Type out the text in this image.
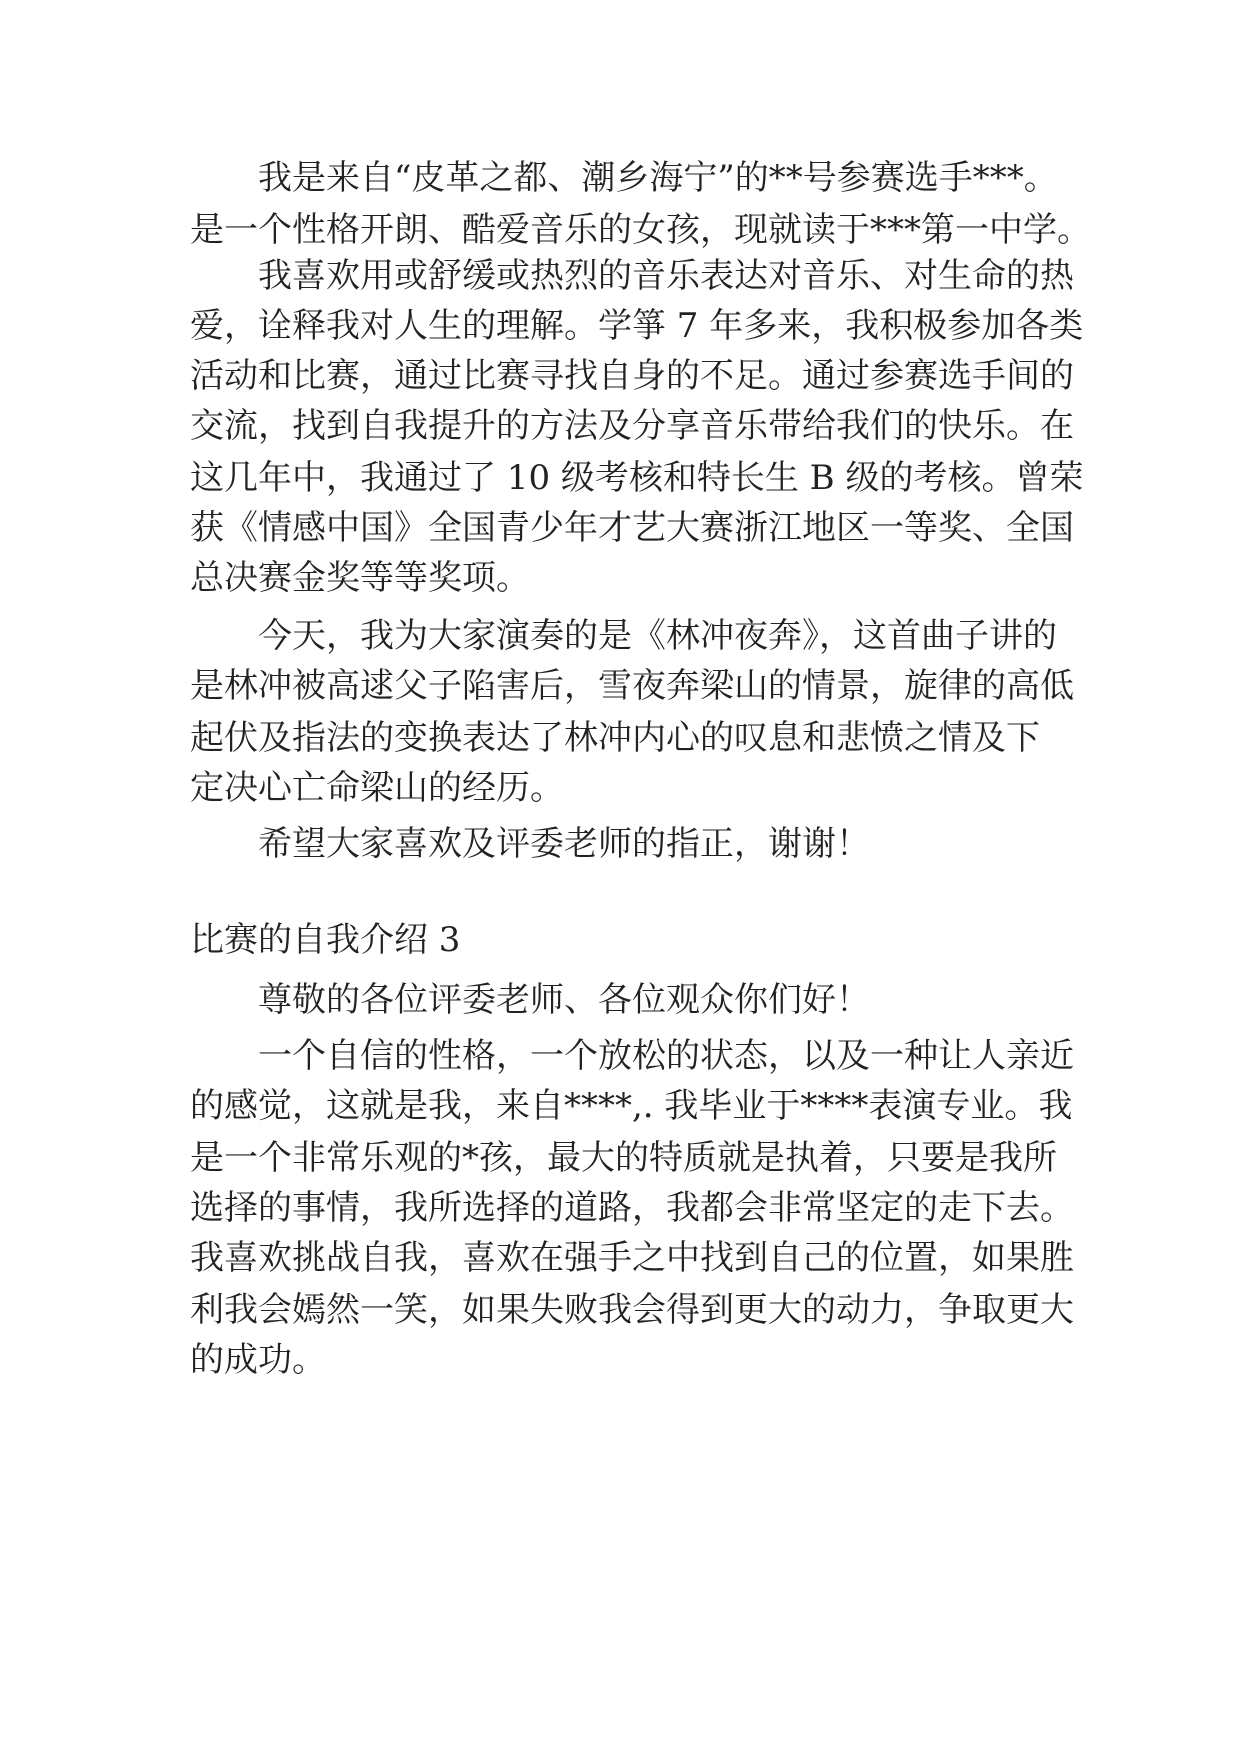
我是来自“皮革之都、潮乡海宁”的**号参赛选手***。
是一个性格开朗、酷爱音乐的女孩，现就读于***第一中学。
我喜欢用或舒缓或热烈的音乐表达对音乐、对生命的热
爱，诠释我对人生的理解。学箏 7 年多来，我积极参加各类
活动和比赛，通过比赛寻找自身的不足。通过参赛选手间的
交流，找到自我提升的方法及分享音乐带给我们的快乐。在
这几年中，我通过了 10 级考核和特长生 B 级的考核。曾荣
获《情感中国》全国青少年才艺大赛浙江地区一等奖、全国
总决赛金奖等等奖项。
今天，我为大家演奏的是《林冲夜奔》，这首曲子讲的
是林冲被高逑父子陷害后，雪夜奔梁山的情景，旋律的高低
起伏及指法的变换表达了林冲内心的叹息和悲愤之情及下
定决心亡命梁山的经历。
希望大家喜欢及评委老师的指正，谢谢！
比赛的自我介绍 3
尊敬的各位评委老师、各位观众你们好！
一个自信的性格，一个放松的状态，以及一种让人亲近
的感觉，这就是我，来自****,. 我毕业于****表演专业。我
是一个非常乐观的*孩，最大的特质就是执着，只要是我所
选择的事情，我所选择的道路，我都会非常坚定的走下去。
我喜欢挑战自我，喜欢在强手之中找到自己的位置，如果胜
利我会嫣然一笑，如果失败我会得到更大的动力，争取更大
的成功。
